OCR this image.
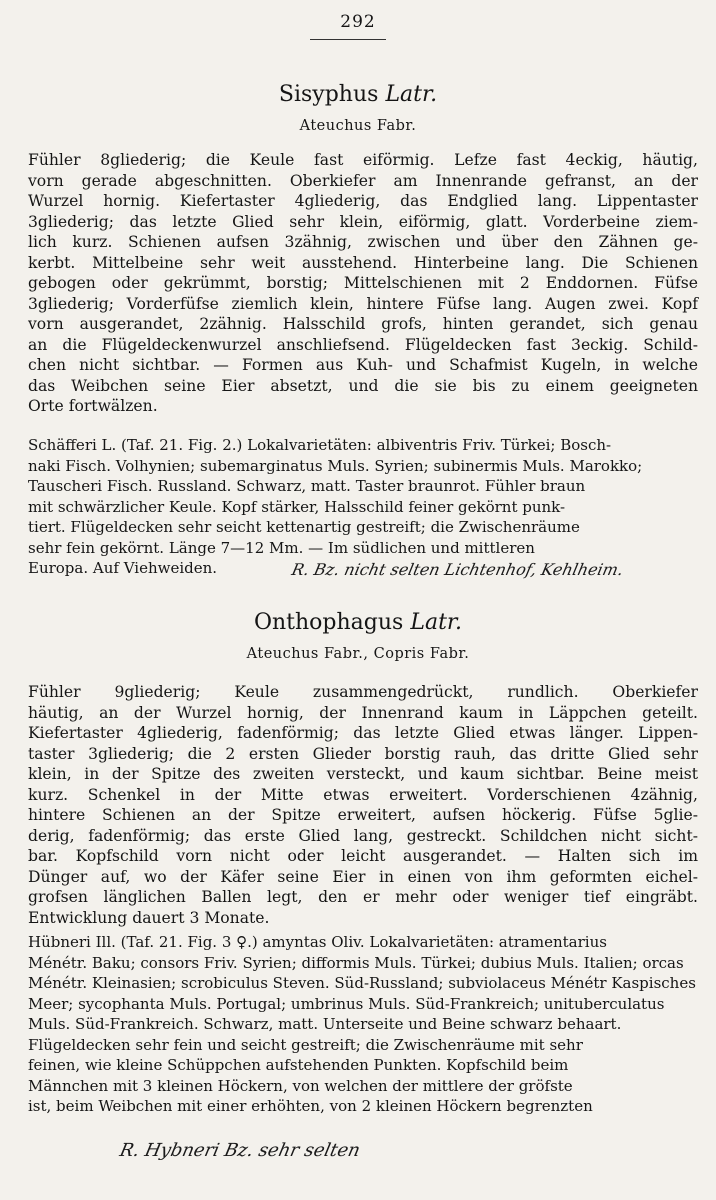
292
Sisyphus Latr.
Ateuchus Fabr.
Fühler 8gliederig; die Keule fast eiförmig. Lefze fast 4eckig, häutig,
vorn gerade abgeschnitten. Oberkiefer am Innenrande gefranst, an der
Wurzel hornig. Kiefertaster 4gliederig, das Endglied lang. Lippentaster
3gliederig; das letzte Glied sehr klein, eiförmig, glatt. Vorderbeine ziem-
lich kurz. Schienen aufsen 3zähnig, zwischen und über den Zähnen ge-
kerbt. Mittelbeine sehr weit ausstehend. Hinterbeine lang. Die Schienen
gebogen oder gekrümmt, borstig; Mittelschienen mit 2 Enddornen. Füfse
3gliederig; Vorderfüfse ziemlich klein, hintere Füfse lang. Augen zwei. Kopf
vorn ausgerandet, 2zähnig. Halsschild grofs, hinten gerandet, sich genau
an die Flügeldeckenwurzel anschliefsend. Flügeldecken fast 3eckig. Schild-
chen nicht sichtbar. — Formen aus Kuh- und Schafmist Kugeln, in welche
das Weibchen seine Eier absetzt, und die sie bis zu einem geeigneten
Orte fortwälzen.
Schäfferi L. (Taf. 21. Fig. 2.) Lokalvarietäten: albiventris Friv. Türkei; Bosch-
naki Fisch. Volhynien; subemarginatus Muls. Syrien; subinermis Muls. Marokko;
Tauscheri Fisch. Russland. Schwarz, matt. Taster braunrot. Fühler braun
mit schwärzlicher Keule. Kopf stärker, Halsschild feiner gekörnt punk-
tiert. Flügeldecken sehr seicht kettenartig gestreift; die Zwischenräume
sehr fein gekörnt. Länge 7—12 Mm. — Im südlichen und mittleren
Europa. Auf Viehweiden.	R. Bz. nicht selten Lichtenhof, Kehlheim.
Onthophagus Latr.
Ateuchus Fabr., Copris Fabr.
Fühler 9gliederig; Keule zusammengedrückt, rundlich. Oberkiefer
häutig, an der Wurzel hornig, der Innenrand kaum in Läppchen geteilt.
Kiefertaster 4gliederig, fadenförmig; das letzte Glied etwas länger. Lippen-
taster 3gliederig; die 2 ersten Glieder borstig rauh, das dritte Glied sehr
klein, in der Spitze des zweiten versteckt, und kaum sichtbar. Beine meist
kurz. Schenkel in der Mitte etwas erweitert. Vorderschienen 4zähnig,
hintere Schienen an der Spitze erweitert, aufsen höckerig. Füfse 5glie-
derig, fadenförmig; das erste Glied lang, gestreckt. Schildchen nicht sicht-
bar. Kopfschild vorn nicht oder leicht ausgerandet. — Halten sich im
Dünger auf, wo der Käfer seine Eier in einen von ihm geformten eichel-
grofsen länglichen Ballen legt, den er mehr oder weniger tief eingräbt.
Entwicklung dauert 3 Monate.
Hübneri Ill. (Taf. 21. Fig. 3 ♀.) amyntas Oliv. Lokalvarietäten: atramentarius
Ménétr. Baku; consors Friv. Syrien; difformis Muls. Türkei; dubius Muls. Italien; orcas
Ménétr. Kleinasien; scrobiculus Steven. Süd-Russland; subviolaceus Ménétr Kaspisches
Meer; sycophanta Muls. Portugal; umbrinus Muls. Süd-Frankreich; unituberculatus
Muls. Süd-Frankreich. Schwarz, matt. Unterseite und Beine schwarz behaart.
Flügeldecken sehr fein und seicht gestreift; die Zwischenräume mit sehr
feinen, wie kleine Schüppchen aufstehenden Punkten. Kopfschild beim
Männchen mit 3 kleinen Höckern, von welchen der mittlere der gröfste
ist, beim Weibchen mit einer erhöhten, von 2 kleinen Höckern begrenzten
R. Hybneri Bz. sehr selten
